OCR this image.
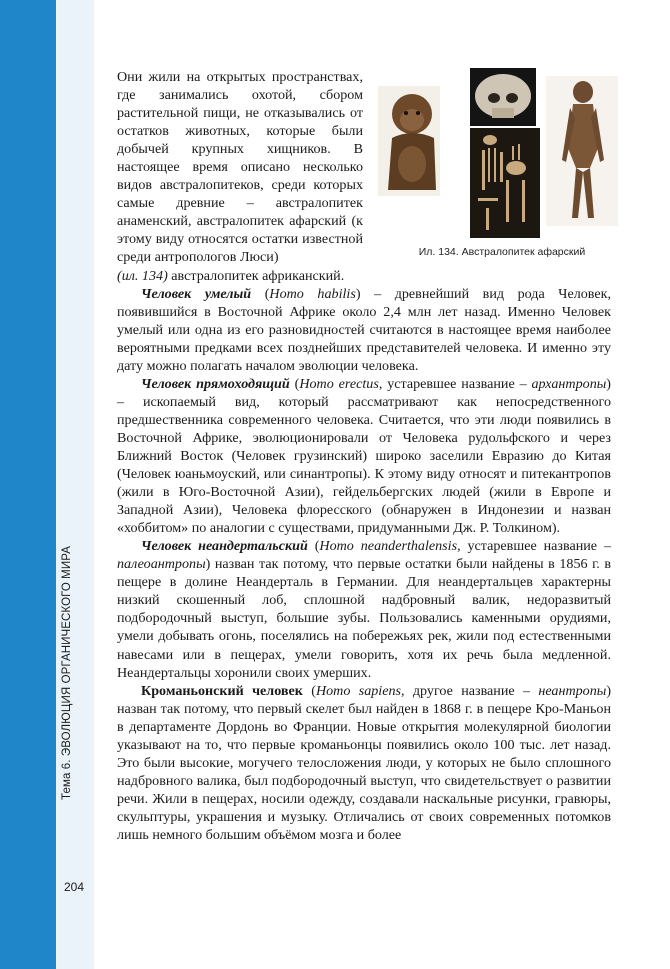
Тема 6. ЭВОЛЮЦИЯ ОРГАНИЧЕСКОГО МИРА
204
Ил. 134. Австралопитек афарский

Они жили на открытых пространствах, где занимались охотой, сбором растительной пищи, не отказывались от остатков животных, которые были добычей крупных хищников. В настоящее время описано несколько видов австралопитеков, среди которых самые древние – австралопитек анаменский, австралопитек афарский (к этому виду относятся остатки известной среди антропологов Люси)

(ил. 134) австралопитек африканский.

Человек умелый (Homo habilis) – древнейший вид рода Человек, появившийся в Восточной Африке около 2,4 млн лет назад. Именно Человек умелый или одна из его разновидностей считаются в настоящее время наиболее вероятными предками всех позднейших представителей человека. И именно эту дату можно полагать началом эволюции человека.

Человек прямоходящий (Homo erectus, устаревшее название – архантропы) – ископаемый вид, который рассматривают как непосредственного предшественника современного человека. Считается, что эти люди появились в Восточной Африке, эволюционировали от Человека рудольфского и через Ближний Восток (Человек грузинский) широко заселили Евразию до Китая (Человек юаньмоуский, или синантропы). К этому виду относят и питекантропов (жили в Юго-Восточной Азии), гейдельбергских людей (жили в Европе и Западной Азии), Человека флоресского (обнаружен в Индонезии и назван «хоббитом» по аналогии с существами, придуманными Дж. Р. Толкином).

Человек неандертальский (Homo neanderthalensis, устаревшее название – палеоантропы) назван так потому, что первые остатки были найдены в 1856 г. в пещере в долине Неандерталь в Германии. Для неандертальцев характерны низкий скошенный лоб, сплошной надбровный валик, недоразвитый подбородочный выступ, большие зубы. Пользовались каменными орудиями, умели добывать огонь, поселялись на побережьях рек, жили под естественными навесами или в пещерах, умели говорить, хотя их речь была медленной. Неандертальцы хоронили своих умерших.

Кроманьонский человек (Homo sapiens, другое название – неантропы) назван так потому, что первый скелет был найден в 1868 г. в пещере Кро-Маньон в департаменте Дордонь во Франции. Новые открытия молекулярной биологии указывают на то, что первые кроманьонцы появились около 100 тыс. лет назад. Это были высокие, могучего телосложения люди, у которых не было сплошного надбровного валика, был подбородочный выступ, что свидетельствует о развитии речи. Жили в пещерах, носили одежду, создавали наскальные рисунки, гравюры, скульптуры, украшения и музыку. Отличались от своих современных потомков лишь немного большим объёмом мозга и более
